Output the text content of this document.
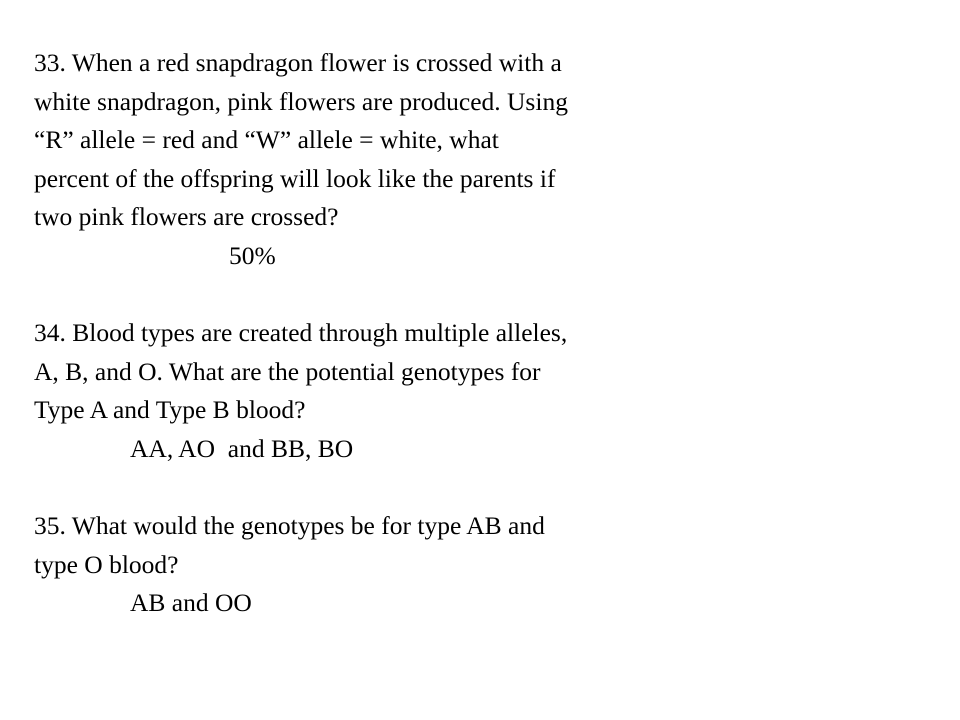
33. When a red snapdragon flower is crossed with a
white snapdragon, pink flowers are produced. Using
“R” allele = red and “W” allele = white, what
percent of the offspring will look like the parents if
two pink flowers are crossed?
50%
34. Blood types are created through multiple alleles,
A, B, and O. What are the potential genotypes for
Type A and Type B blood?
AA, AO  and BB, BO
35. What would the genotypes be for type AB and
type O blood?
AB and OO
